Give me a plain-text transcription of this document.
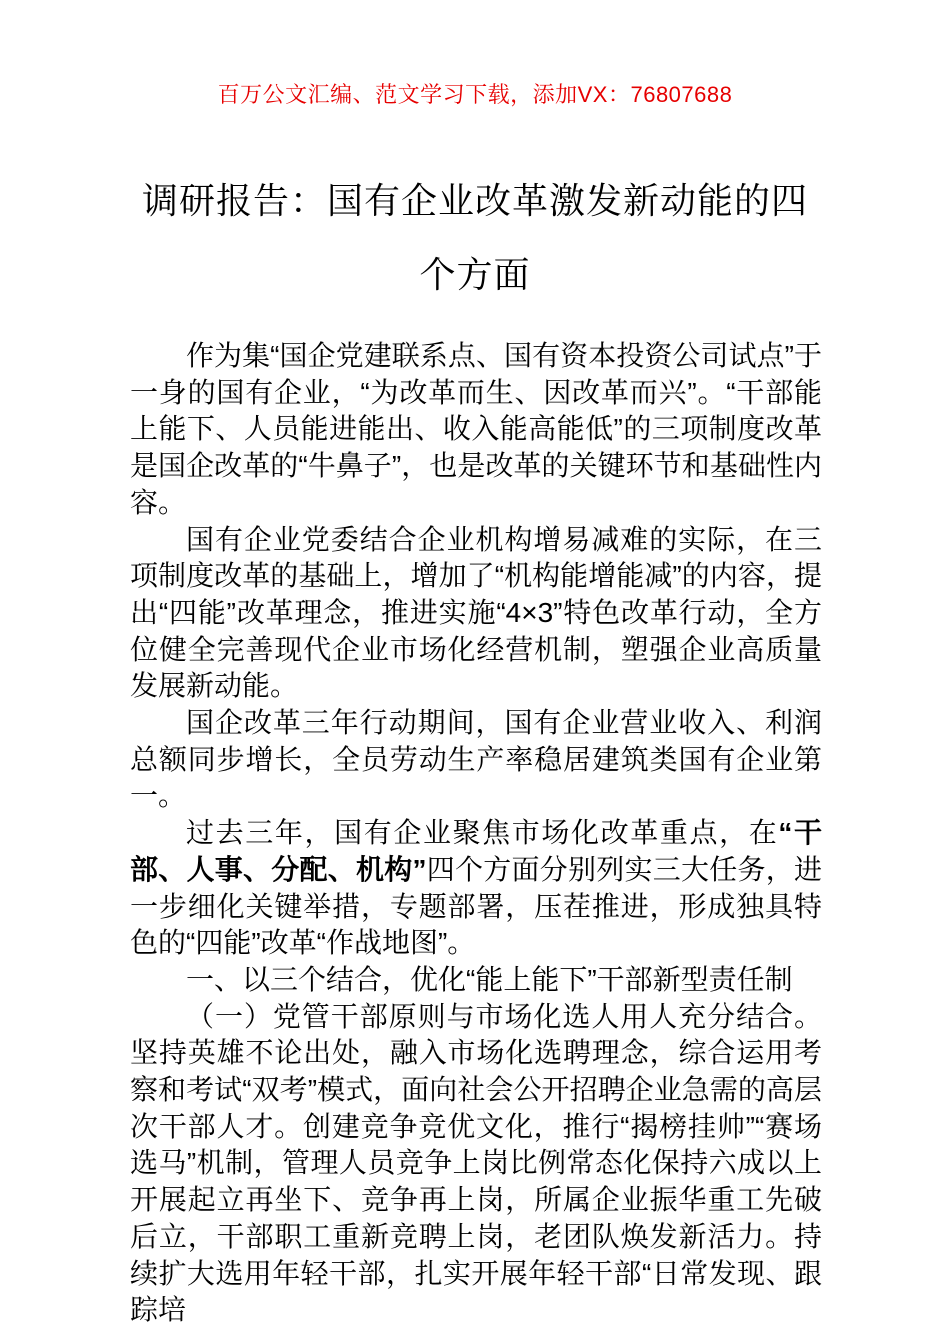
百万公文汇编、范文学习下载，添加VX：76807688
调研报告：国有企业改革激发新动能的四
个方面

作为集“国企党建联系点、国有资本投资公司试点”于一身的国有企业，“为改革而生、因改革而兴”。“干部能上能下、人员能进能出、收入能高能低”的三项制度改革是国企改革的“牛鼻子”，也是改革的关键环节和基础性内容。

国有企业党委结合企业机构增易减难的实际，在三项制度改革的基础上，增加了“机构能增能减”的内容，提出“四能”改革理念，推进实施“4×3”特色改革行动，全方位健全完善现代企业市场化经营机制，塑强企业高质量发展新动能。

国企改革三年行动期间，国有企业营业收入、利润总额同步增长，全员劳动生产率稳居建筑类国有企业第一。

过去三年，国有企业聚焦市场化改革重点，在“干部、人事、分配、机构”四个方面分别列实三大任务，进一步细化关键举措，专题部署，压茬推进，形成独具特色的“四能”改革“作战地图”。

一、以三个结合，优化“能上能下”干部新型责任制

（一）党管干部原则与市场化选人用人充分结合。坚持英雄不论出处，融入市场化选聘理念，综合运用考察和考试“双考”模式，面向社会公开招聘企业急需的高层次干部人才。创建竞争竞优文化，推行“揭榜挂帅”“赛场选马”机制，管理人员竞争上岗比例常态化保持六成以上开展起立再坐下、竞争再上岗，所属企业振华重工先破后立，干部职工重新竞聘上岗，老团队焕发新活力。持续扩大选用年轻干部，扎实开展年轻干部“日常发现、跟踪培
